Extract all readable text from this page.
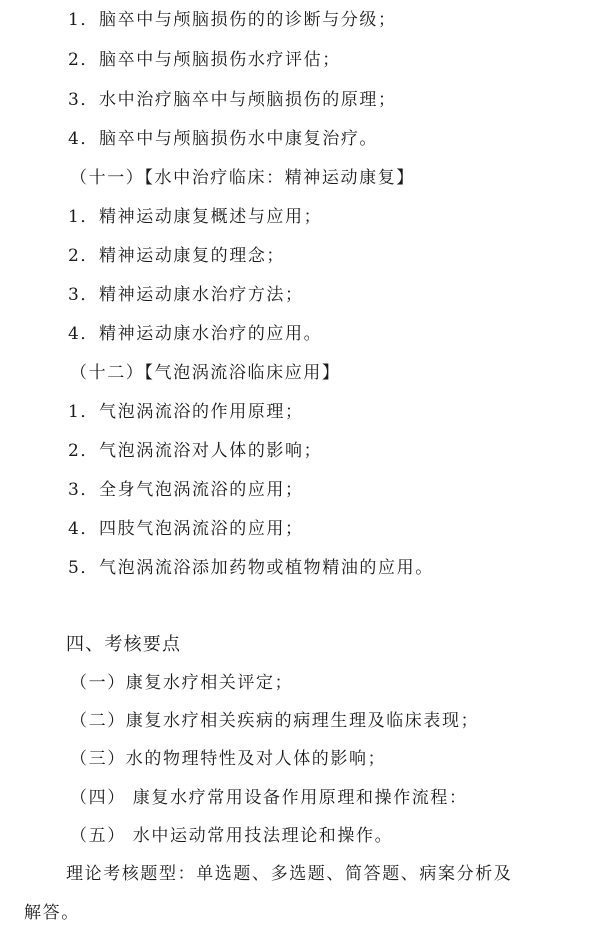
1．脑卒中与颅脑损伤的的诊断与分级；
2．脑卒中与颅脑损伤水疗评估；
3．水中治疗脑卒中与颅脑损伤的原理；
4．脑卒中与颅脑损伤水中康复治疗。
（十一）【水中治疗临床：精神运动康复】
1．精神运动康复概述与应用；
2．精神运动康复的理念；
3．精神运动康水治疗方法；
4．精神运动康水治疗的应用。
（十二）【气泡涡流浴临床应用】
1．气泡涡流浴的作用原理；
2．气泡涡流浴对人体的影响；
3．全身气泡涡流浴的应用；
4．四肢气泡涡流浴的应用；
5．气泡涡流浴添加药物或植物精油的应用。
四、考核要点
（一）康复水疗相关评定；
（二）康复水疗相关疾病的病理生理及临床表现；
（三）水的物理特性及对人体的影响；
（四） 康复水疗常用设备作用原理和操作流程：
（五） 水中运动常用技法理论和操作。
理论考核题型：单选题、多选题、简答题、病案分析及
解答。
